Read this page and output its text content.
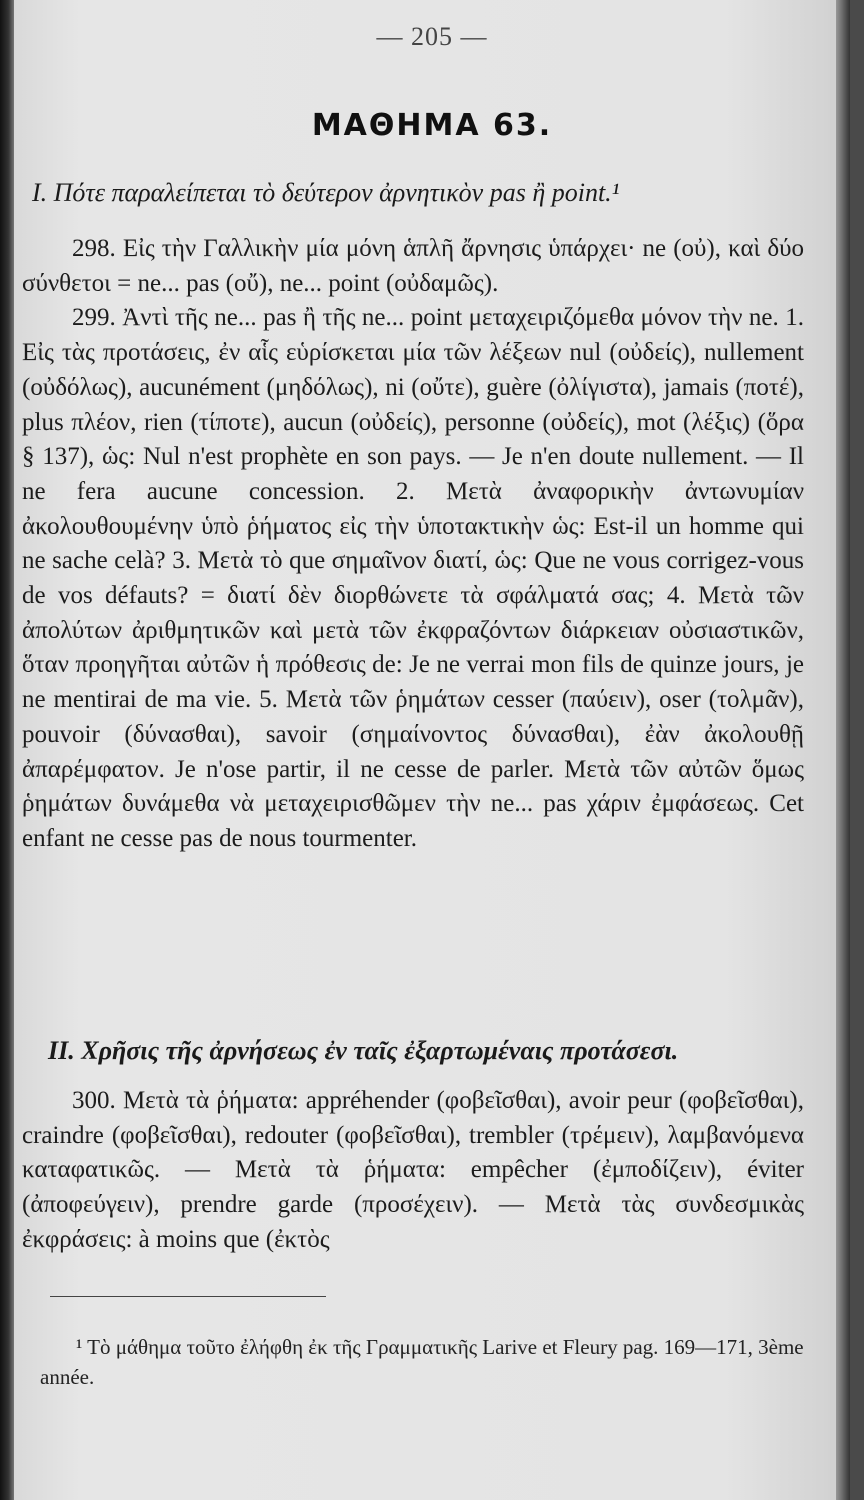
— 205 —
ΜΑΘΗΜΑ 63.
I. Πότε παραλείπεται τὸ δεύτερον ἀρνητικὸν pas ἢ point.¹

298. Εἰς τὴν Γαλλικὴν μία μόνη ἁπλῆ ἄρνησις ὑπάρχει· ne (οὐ), καὶ δύο σύνθετοι = ne... pas (οὔ), ne... point (οὐδαμῶς).

299. Ἀντὶ τῆς ne... pas ἢ τῆς ne... point μεταχειριζόμεθα μόνον τὴν ne. 1. Εἰς τὰς προτάσεις, ἐν αἷς εὑρίσκεται μία τῶν λέξεων nul (οὐδείς), nullement (οὐδόλως), aucunément (μηδόλως), ni (οὔτε), guère (ὀλίγιστα), jamais (ποτέ), plus πλέον, rien (τίποτε), aucun (οὐδείς), personne (οὐδείς), mot (λέξις) (ὅρα § 137), ὡς: Nul n'est prophète en son pays. — Je n'en doute nullement. — Il ne fera aucune concession. 2. Μετὰ ἀναφορικὴν ἀντωνυμίαν ἀκολουθουμένην ὑπὸ ῥήματος εἰς τὴν ὑποτακτικὴν ὡς: Est-il un homme qui ne sache celà? 3. Μετὰ τὸ que σημαῖνον διατί, ὡς: Que ne vous corrigez-vous de vos défauts? = διατί δὲν διορθώνετε τὰ σφάλματά σας; 4. Μετὰ τῶν ἀπολύτων ἀριθμητικῶν καὶ μετὰ τῶν ἐκφραζόντων διάρκειαν οὐσιαστικῶν, ὅταν προηγῆται αὐτῶν ἡ πρόθεσις de: Je ne verrai mon fils de quinze jours, je ne mentirai de ma vie. 5. Μετὰ τῶν ῥημάτων cesser (παύειν), oser (τολμᾶν), pouvoir (δύνασθαι), savoir (σημαίνοντος δύνασθαι), ἐὰν ἀκολουθῇ ἀπαρέμφατον. Je n'ose partir, il ne cesse de parler. Μετὰ τῶν αὐτῶν ὅμως ῥημάτων δυνάμεθα νὰ μεταχειρισθῶμεν τὴν ne... pas χάριν ἐμφάσεως. Cet enfant ne cesse pas de nous tourmenter.

II. Χρῆσις τῆς ἀρνήσεως ἐν ταῖς ἐξαρτωμέναις προτάσεσι.

300. Μετὰ τὰ ῥήματα: appréhender (φοβεῖσθαι), avoir peur (φοβεῖσθαι), craindre (φοβεῖσθαι), redouter (φοβεῖσθαι), trembler (τρέμειν), λαμβανόμενα καταφατικῶς. — Μετὰ τὰ ῥήματα: empêcher (ἐμποδίζειν), éviter (ἀποφεύγειν), prendre garde (προσέχειν). — Μετὰ τὰς συνδεσμικὰς ἐκφράσεις: à moins que (ἐκτὸς

¹ Τὸ μάθημα τοῦτο ἐλήφθη ἐκ τῆς Γραμματικῆς Larive et Fleury pag. 169—171, 3ème année.
